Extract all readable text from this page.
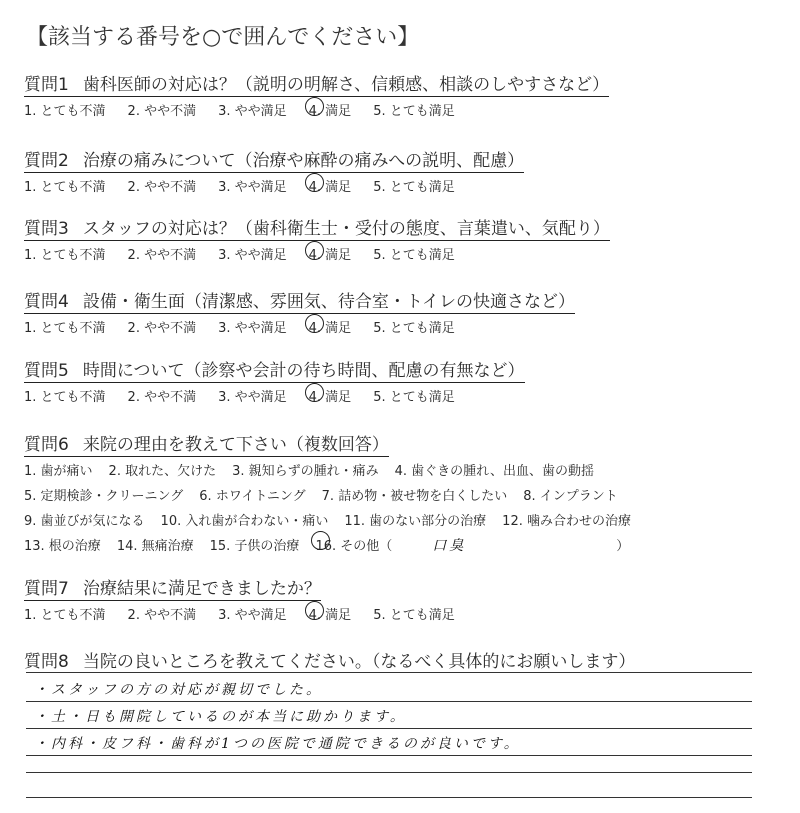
【該当する番号を○で囲んでください】
質問1 歯科医師の対応は？（説明の明解さ、信頼感、相談のしやすさなど）
1. とても不満 2. やや不満 3. やや満足 4. 満足 5. とても満足
質問2 治療の痛みについて（治療や麻酔の痛みへの説明、配慮）
1. とても不満 2. やや不満 3. やや満足 4. 満足 5. とても満足
質問3 スタッフの対応は？（歯科衛生士・受付の態度、言葉遣い、気配り）
1. とても不満 2. やや不満 3. やや満足 4. 満足 5. とても満足
質問4 設備・衛生面（清潔感、雰囲気、待合室・トイレの快適さなど）
1. とても不満 2. やや不満 3. やや満足 4. 満足 5. とても満足
質問5 時間について（診察や会計の待ち時間、配慮の有無など）
1. とても不満 2. やや不満 3. やや満足 4. 満足 5. とても満足
質問6 来院の理由を教えて下さい（複数回答）
1. 歯が痛い 2. 取れた、欠けた 3. 親知らずの腫れ・痛み 4. 歯ぐきの腫れ、出血、歯の動揺
5. 定期検診・クリーニング 6. ホワイトニング 7. 詰め物・被せ物を白くしたい 8. インプラント
9. 歯並びが気になる 10. 入れ歯が合わない・痛い 11. 歯のない部分の治療 12. 噛み合わせの治療
13. 根の治療 14. 無痛治療 15. 子供の治療 16. その他（	口臭	）
質問7 治療結果に満足できましたか？
1. とても不満 2. やや不満 3. やや満足 4. 満足 5. とても満足
質問8 当院の良いところを教えてください。（なるべく具体的にお願いします）
・スタッフの方の対応が親切でした。
・土・日も開院しているのが本当に助かります。
・内科・皮フ科・歯科が1つの医院で通院できるのが良いです。
